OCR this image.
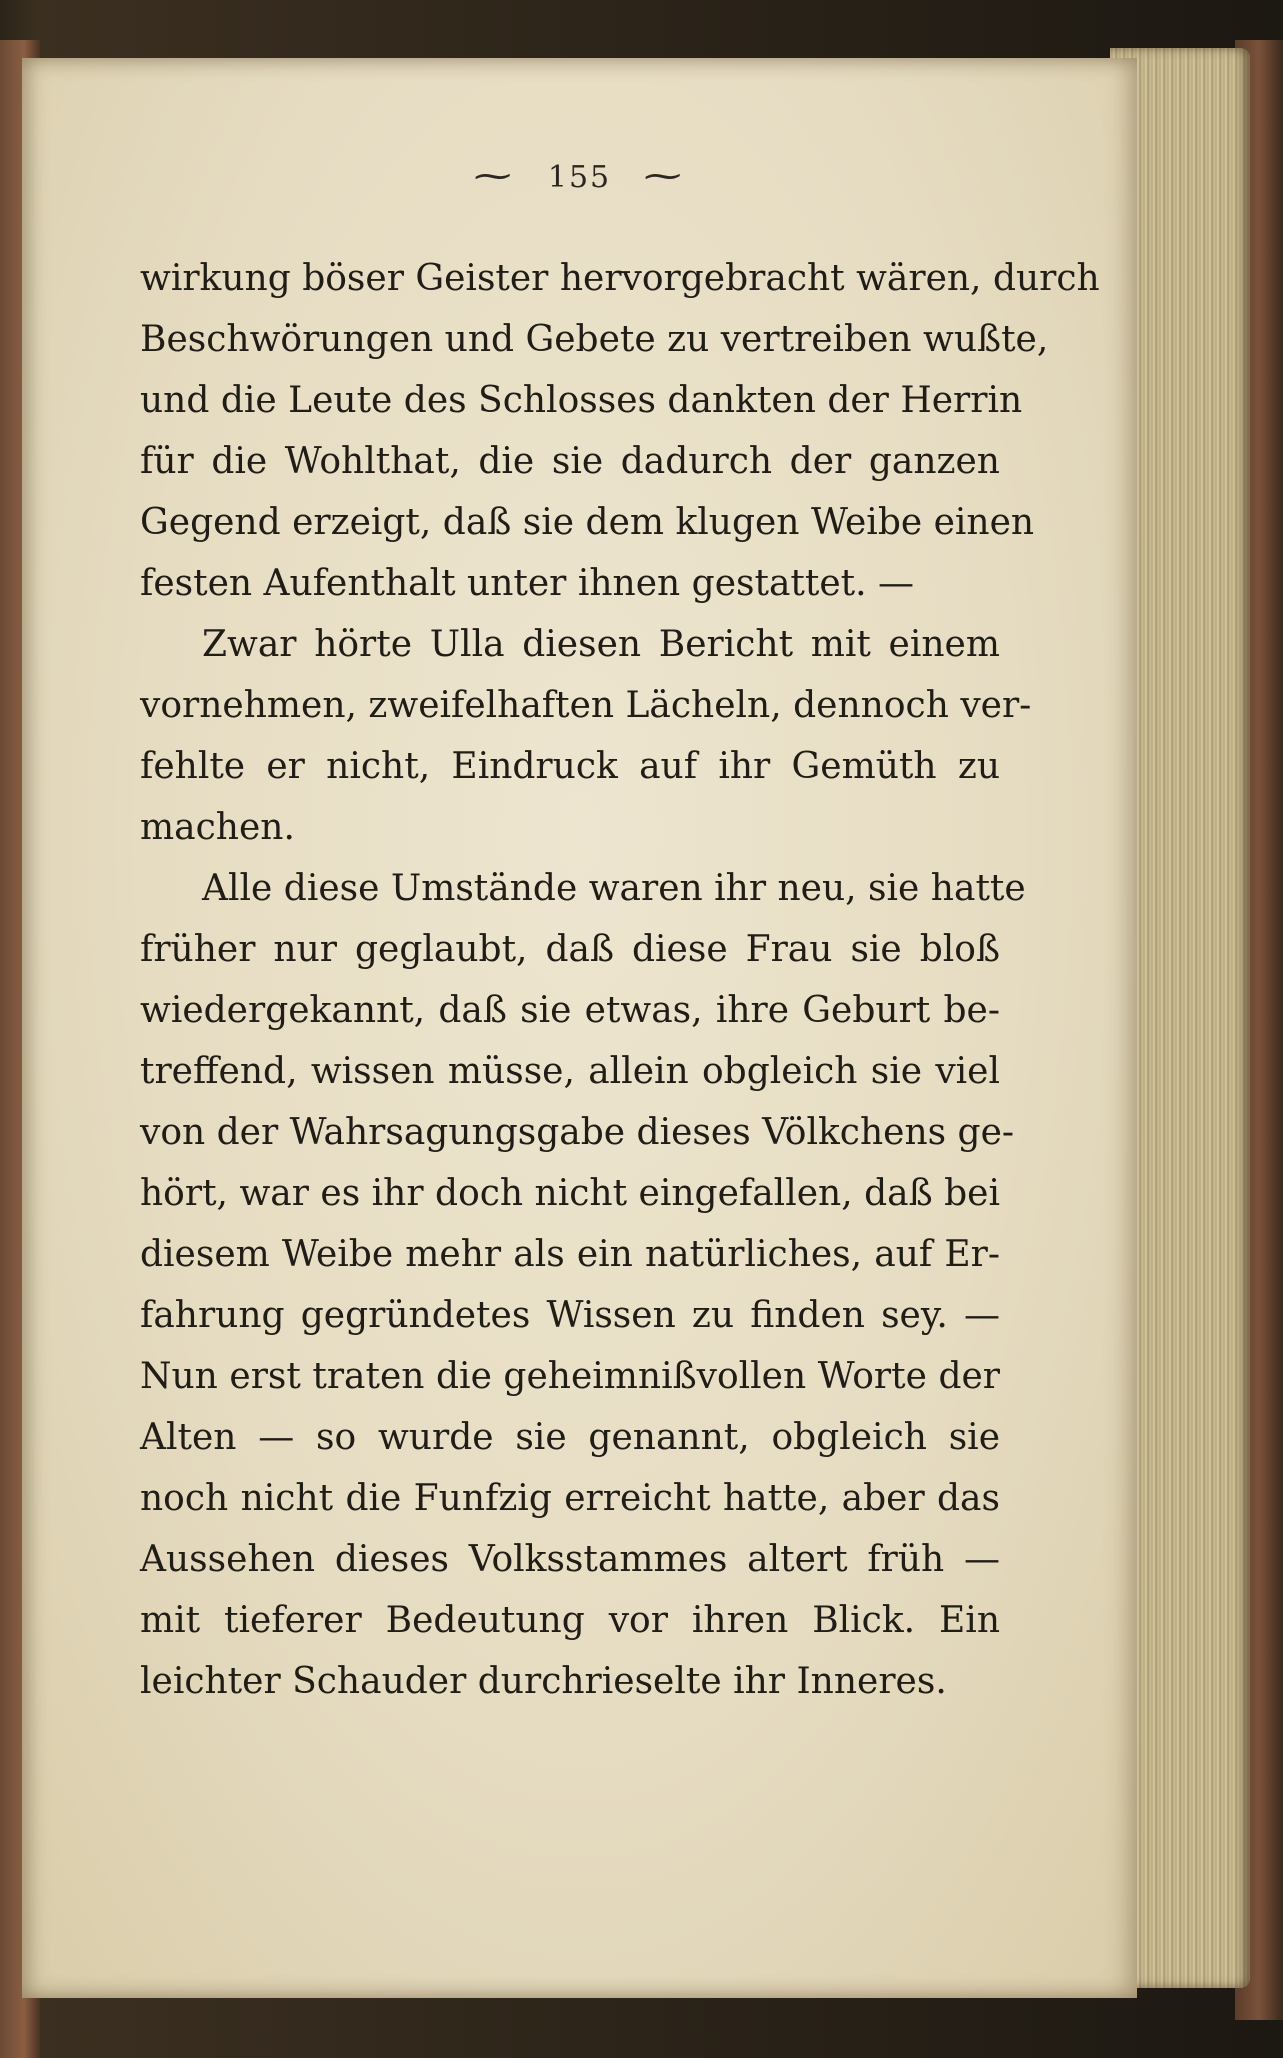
~ 155 ~
wirkung böser Geister hervorgebracht wären, durch
Beschwörungen und Gebete zu vertreiben wußte,
und die Leute des Schlosses dankten der Herrin
für die Wohlthat, die sie dadurch der ganzen
Gegend erzeigt, daß sie dem klugen Weibe einen
festen Aufenthalt unter ihnen gestattet. —
Zwar hörte Ulla diesen Bericht mit einem
vornehmen, zweifelhaften Lächeln, dennoch ver-
fehlte er nicht, Eindruck auf ihr Gemüth zu
machen.
Alle diese Umstände waren ihr neu, sie hatte
früher nur geglaubt, daß diese Frau sie bloß
wiedergekannt, daß sie etwas, ihre Geburt be-
treffend, wissen müsse, allein obgleich sie viel
von der Wahrsagungsgabe dieses Völkchens ge-
hört, war es ihr doch nicht eingefallen, daß bei
diesem Weibe mehr als ein natürliches, auf Er-
fahrung gegründetes Wissen zu finden sey. —
Nun erst traten die geheimnißvollen Worte der
Alten — so wurde sie genannt, obgleich sie
noch nicht die Funfzig erreicht hatte, aber das
Aussehen dieses Volksstammes altert früh —
mit tieferer Bedeutung vor ihren Blick. Ein
leichter Schauder durchrieselte ihr Inneres.
